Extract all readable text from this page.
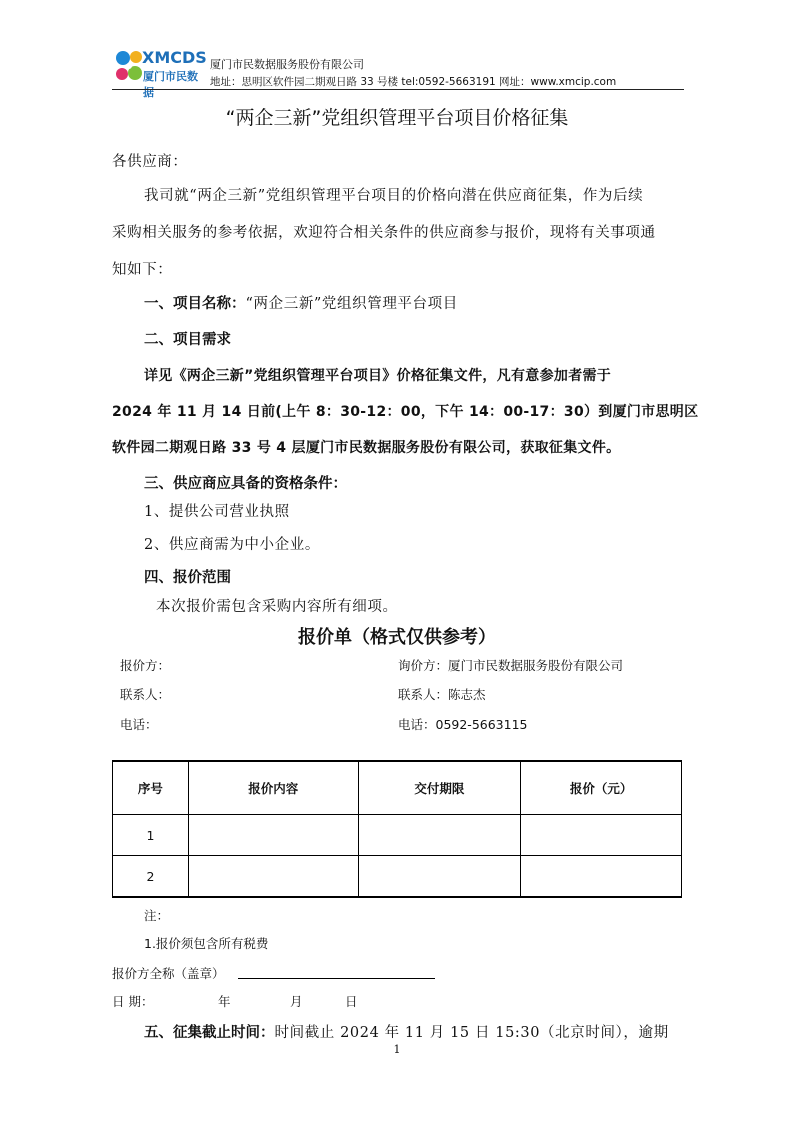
XMCDS
厦门市民数据
厦门市民数据服务股份有限公司
地址：思明区软件园二期观日路 33 号楼 tel:0592-5663191 网址：www.xmcip.com
“两企三新”党组织管理平台项目价格征集
各供应商：
我司就“两企三新”党组织管理平台项目的价格向潜在供应商征集，作为后续
采购相关服务的参考依据，欢迎符合相关条件的供应商参与报价，现将有关事项通
知如下：
一、项目名称：“两企三新”党组织管理平台项目
二、项目需求
详见《两企三新”党组织管理平台项目》价格征集文件，凡有意参加者需于
2024 年 11 月 14 日前(上午 8：30-12：00，下午 14：00-17：30）到厦门市思明区
软件园二期观日路 33 号 4 层厦门市民数据服务股份有限公司，获取征集文件。
三、供应商应具备的资格条件：
1、提供公司营业执照
2、供应商需为中小企业。
四、报价范围
本次报价需包含采购内容所有细项。
报价单（格式仅供参考）
报价方：
联系人：
电话：
询价方：厦门市民数据服务股份有限公司
联系人：陈志杰
电话：0592-5663115
序号	报价内容	交付期限	报价（元）
1			
2			
注：
1.报价须包含所有税费
报价方全称（盖章）
日 期：	年	月	日
五、征集截止时间：时间截止 2024 年 11 月 15 日 15:30（北京时间），逾期
1
